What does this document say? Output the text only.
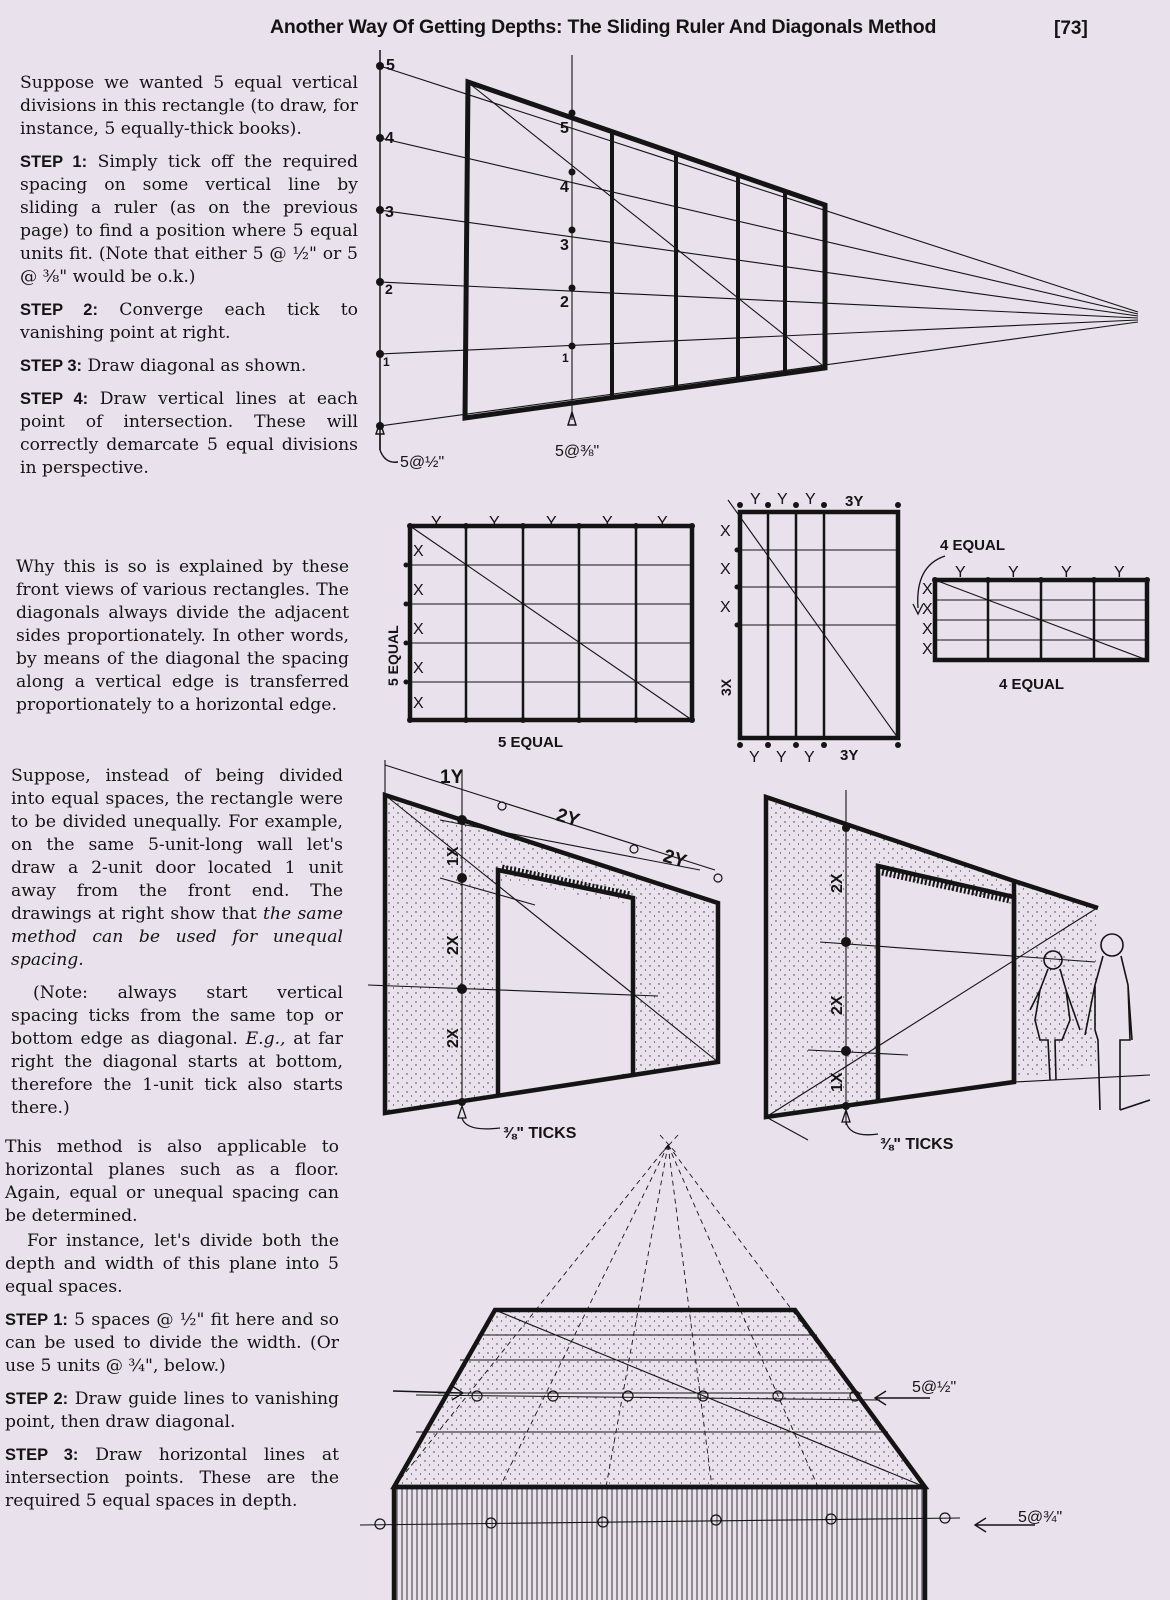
Another Way Of Getting Depths: The Sliding Ruler And Diagonals Method	[73]

Suppose we wanted 5 equal vertical divisions in this rectangle (to draw, for instance, 5 equally-thick books).

STEP 1: Simply tick off the required spacing on some vertical line by sliding a ruler (as on the previous page) to find a position where 5 equal units fit. (Note that either 5 @ ½" or 5 @ ⅜" would be o.k.)

STEP 2: Converge each tick to vanishing point at right.

STEP 3: Draw diagonal as shown.

STEP 4: Draw vertical lines at each point of intersection. These will correctly demarcate 5 equal divisions in perspective.

Why this is so is explained by these front views of various rectangles. The diagonals always divide the adjacent sides proportionately. In other words, by means of the diagonal the spacing along a vertical edge is transferred proportionately to a horizontal edge.

Suppose, instead of being divided into equal spaces, the rectangle were to be divided unequally. For example, on the same 5-unit-long wall let's draw a 2-unit door located 1 unit away from the front end. The drawings at right show that the same method can be used for unequal spacing.

(Note: always start vertical spacing ticks from the same top or bottom edge as diagonal. E.g., at far right the diagonal starts at bottom, therefore the 1-unit tick also starts there.)

This method is also applicable to horizontal planes such as a floor. Again, equal or unequal spacing can be determined.

For instance, let's divide both the depth and width of this plane into 5 equal spaces.

STEP 1: 5 spaces @ ½" fit here and so can be used to divide the width. (Or use 5 units @ ¾", below.)

STEP 2: Draw guide lines to vanishing point, then draw diagonal.

STEP 3: Draw horizontal lines at intersection points. These are the required 5 equal spaces in depth.

5
4
3
2
1
5
4
3
2
1
5@½"
5@⅜"
Y	Y	Y	Y	Y
X
X
X
X
X
5 EQUAL
5 EQUAL
Y Y Y 3Y
X
X
X
3X
Y Y Y 3Y
4 EQUAL
Y	Y	Y	Y
X
X
X
X
4 EQUAL
1Y
2Y
2Y
1X
2X
2X
⅜" TICKS
2X
2X
1X
⅜" TICKS
5@½"
5@¾"
